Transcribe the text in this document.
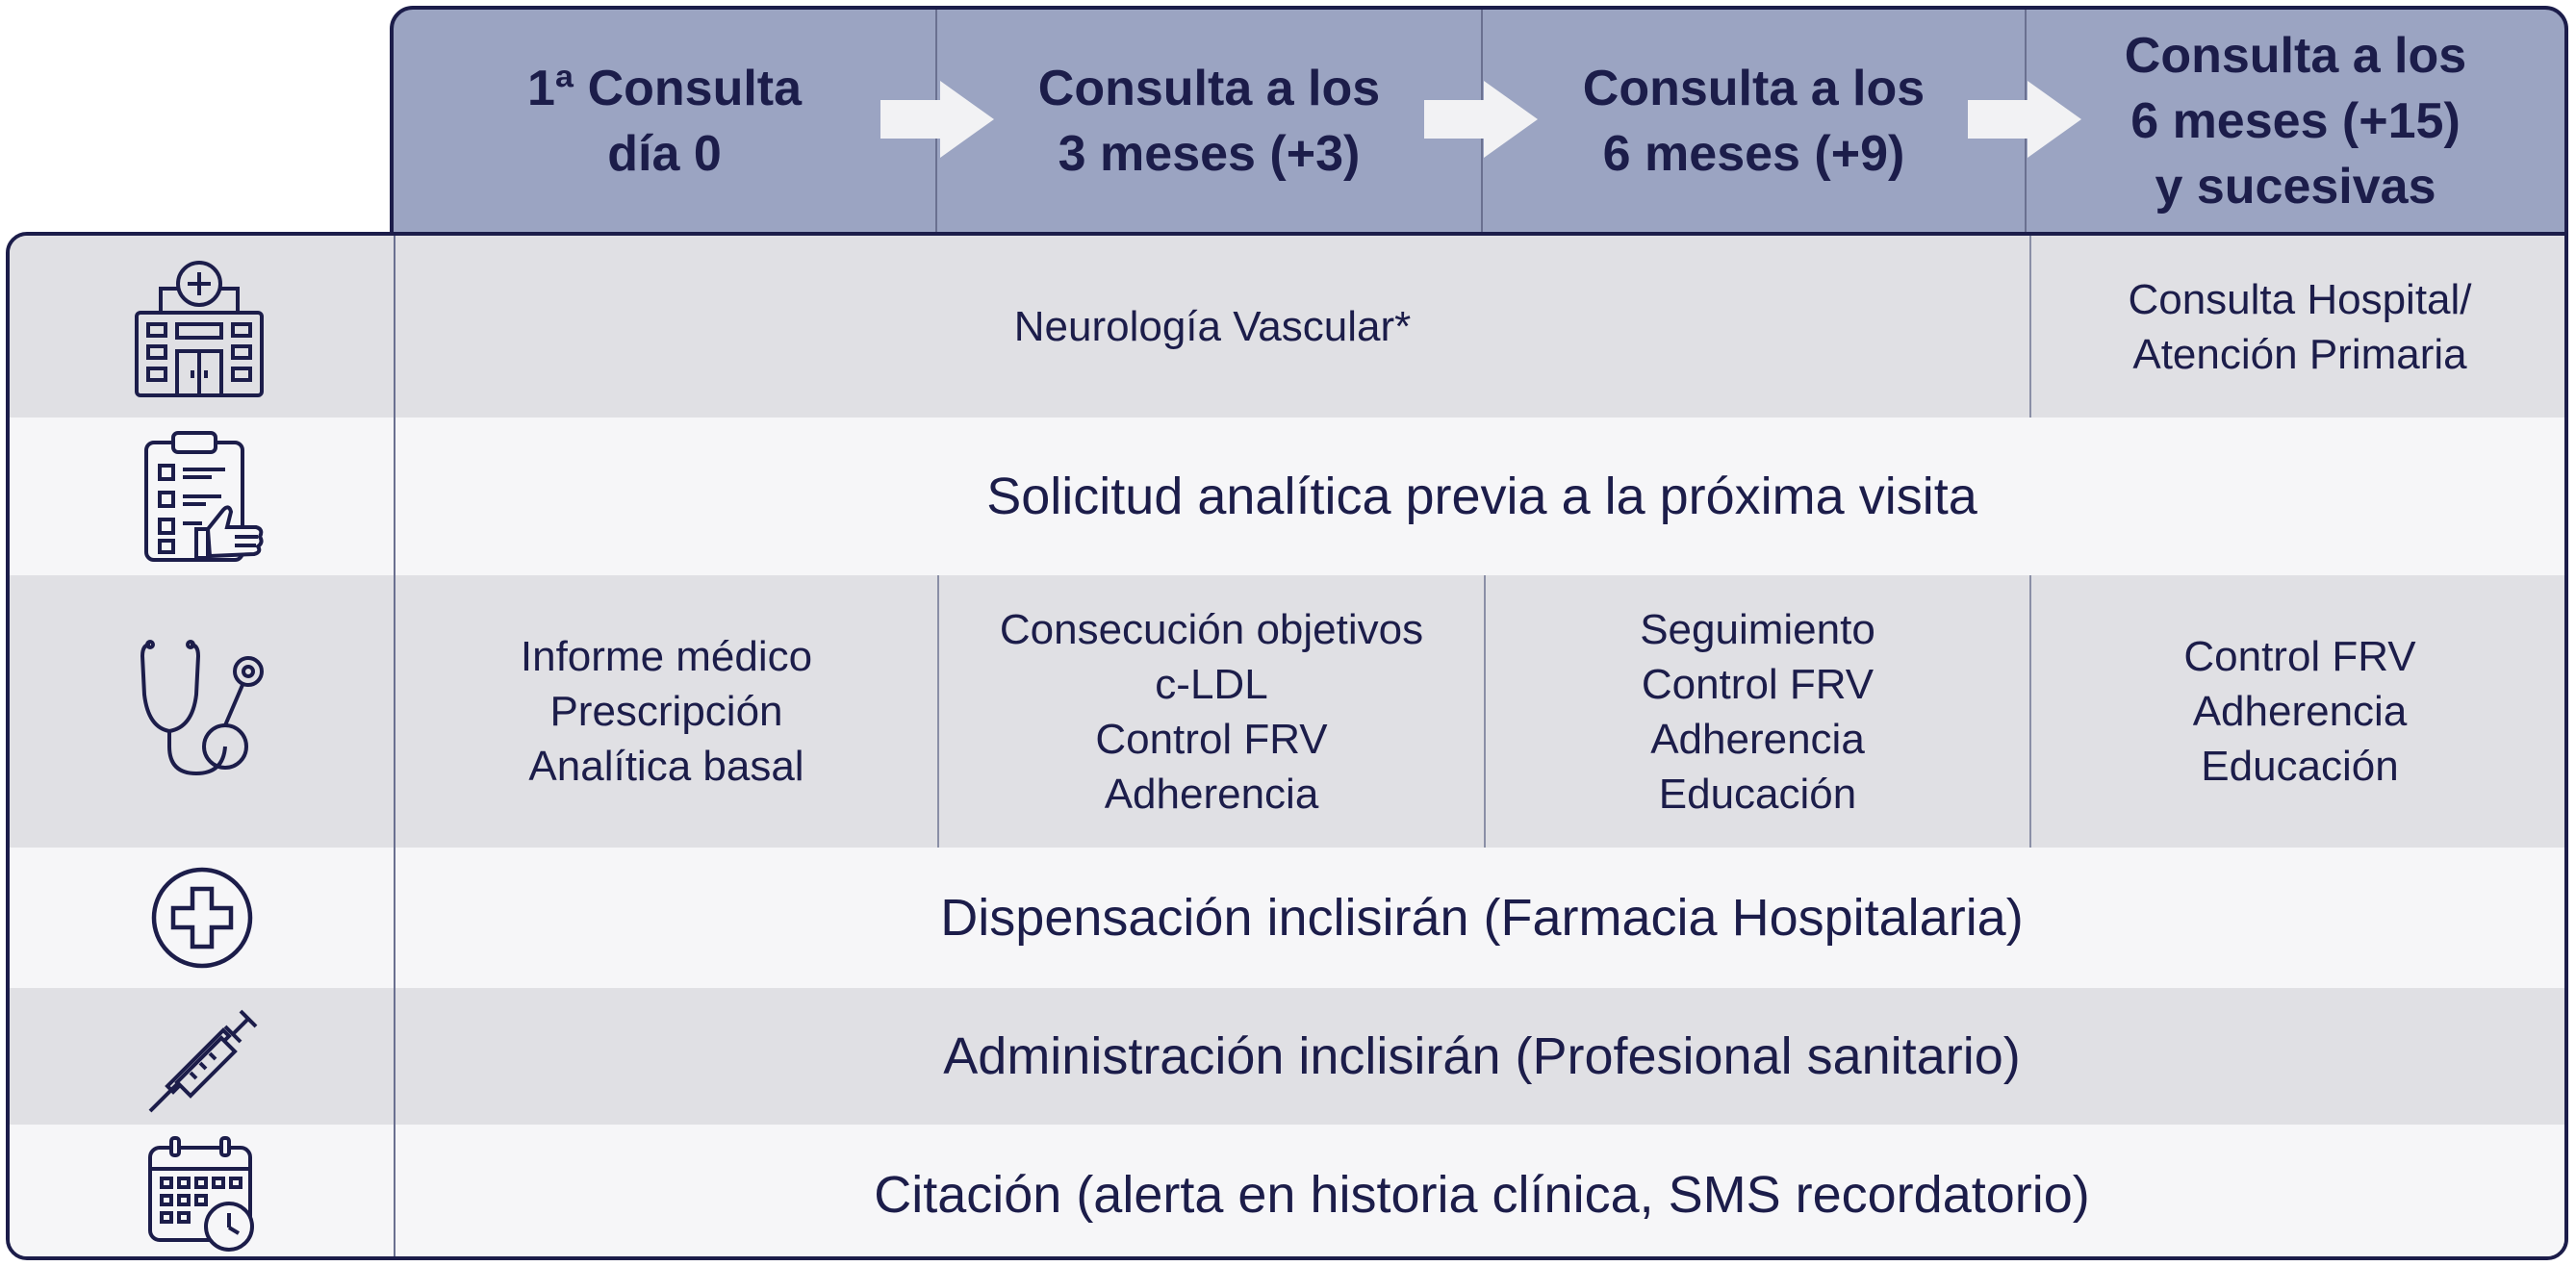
1ª Consulta
día 0
Consulta a los
3 meses (+3)
Consulta a los
6 meses (+9)
Consulta a los
6 meses (+15)
y sucesivas
Neurología Vascular*
Consulta Hospital/
Atención Primaria
Solicitud analítica previa a la próxima visita
Informe médico
Prescripción
Analítica basal
Consecución objetivos
c-LDL
Control FRV
Adherencia
Seguimiento
Control FRV
Adherencia
Educación
Control FRV
Adherencia
Educación
Dispensación inclisirán (Farmacia Hospitalaria)
Administración inclisirán (Profesional sanitario)
Citación (alerta en historia clínica, SMS recordatorio)
